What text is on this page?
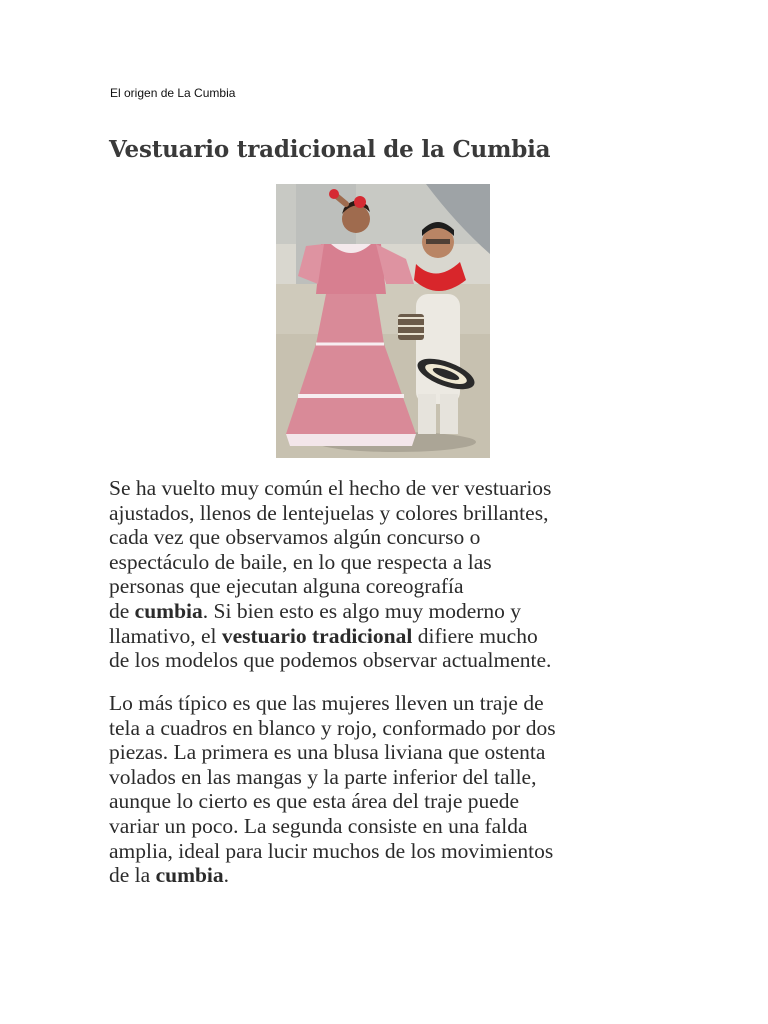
El origen de La Cumbia
Vestuario tradicional de la Cumbia

Se ha vuelto muy común el hecho de ver vestuarios
ajustados, llenos de lentejuelas y colores brillantes,
cada vez que observamos algún concurso o
espectáculo de baile, en lo que respecta a las
personas que ejecutan alguna coreografía
de cumbia. Si bien esto es algo muy moderno y
llamativo, el vestuario tradicional difiere mucho
de los modelos que podemos observar actualmente.

Lo más típico es que las mujeres lleven un traje de
tela a cuadros en blanco y rojo, conformado por dos
piezas. La primera es una blusa liviana que ostenta
volados en las mangas y la parte inferior del talle,
aunque lo cierto es que esta área del traje puede
variar un poco. La segunda consiste en una falda
amplia, ideal para lucir muchos de los movimientos
de la cumbia.
